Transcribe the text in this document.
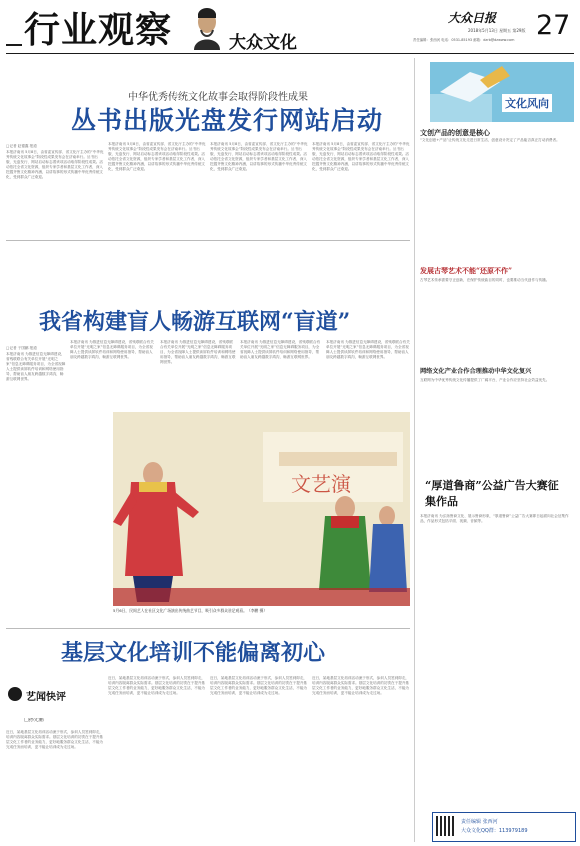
行业观察	大众文化
大众日报 27
2018年5月13日 星期五 第29版
责任编辑：张西河 电话：0531-85193 邮箱：dzrb@dzwww.com
中华优秀传统文化故事会取得阶段性成果
丛书出版光盘发行网站启动
□记者 赵德鑫 报道
本报济南讯 5月8日，由省委宣传部、省文化厅主办的“中华优秀传统文化故事会”阶段性成果发布会在济南举行。丛书出版、光盘发行、网站启动标志着该项活动取得阶段性成果。活动依托全省文化资源，组织专家学者和基层文化工作者，深入挖掘齐鲁文化精神内涵，以讲故事的形式传播中华优秀传统文化，受到群众广泛欢迎。
本报济南讯 5月8日，由省委宣传部、省文化厅主办的“中华优秀传统文化故事会”阶段性成果发布会在济南举行。丛书出版、光盘发行、网站启动标志着该项活动取得阶段性成果。活动依托全省文化资源，组织专家学者和基层文化工作者，深入挖掘齐鲁文化精神内涵，以讲故事的形式传播中华优秀传统文化，受到群众广泛欢迎。
本报济南讯 5月8日，由省委宣传部、省文化厅主办的“中华优秀传统文化故事会”阶段性成果发布会在济南举行。丛书出版、光盘发行、网站启动标志着该项活动取得阶段性成果。活动依托全省文化资源，组织专家学者和基层文化工作者，深入挖掘齐鲁文化精神内涵，以讲故事的形式传播中华优秀传统文化，受到群众广泛欢迎。
本报济南讯 5月8日，由省委宣传部、省文化厅主办的“中华优秀传统文化故事会”阶段性成果发布会在济南举行。丛书出版、光盘发行、网站启动标志着该项活动取得阶段性成果。活动依托全省文化资源，组织专家学者和基层文化工作者，深入挖掘齐鲁文化精神内涵，以讲故事的形式传播中华优秀传统文化，受到群众广泛欢迎。
我省构建盲人畅游互联网“盲道”
□记者 于国鹏 报道
本报济南讯 为推进信息无障碍建设，省残联联合有关单位开展“光明之家”信息无障碍服务项目，为全省视障人士提供读屏软件培训和网络使用指导，帮助盲人朋友跨越数字鸿沟，畅游互联网世界。
本报济南讯 为推进信息无障碍建设，省残联联合有关单位开展“光明之家”信息无障碍服务项目，为全省视障人士提供读屏软件培训和网络使用指导，帮助盲人朋友跨越数字鸿沟，畅游互联网世界。
本报济南讯 为推进信息无障碍建设，省残联联合有关单位开展“光明之家”信息无障碍服务项目，为全省视障人士提供读屏软件培训和网络使用指导，帮助盲人朋友跨越数字鸿沟，畅游互联网世界。
本报济南讯 为推进信息无障碍建设，省残联联合有关单位开展“光明之家”信息无障碍服务项目，为全省视障人士提供读屏软件培训和网络使用指导，帮助盲人朋友跨越数字鸿沟，畅游互联网世界。
本报济南讯 为推进信息无障碍建设，省残联联合有关单位开展“光明之家”信息无障碍服务项目，为全省视障人士提供读屏软件培训和网络使用指导，帮助盲人朋友跨越数字鸿沟，畅游互联网世界。
文艺演
5月6日，民间艺人在社区文化广场演出传统曲艺节目，吸引众多群众驻足观看。（李鹏 摄）
基层文化培训不能偏离初心
艺闻快评
□孙先鹏
近日，某地基层文化培训活动流于形式，参训人员签到即走，培训内容脱离群众实际需求。基层文化培训的初衷在于提升基层文化工作者的业务能力，更好地服务群众文化生活，不能为完成任务而培训，更不能让培训成为走过场。
近日，某地基层文化培训活动流于形式，参训人员签到即走，培训内容脱离群众实际需求。基层文化培训的初衷在于提升基层文化工作者的业务能力，更好地服务群众文化生活，不能为完成任务而培训，更不能让培训成为走过场。
近日，某地基层文化培训活动流于形式，参训人员签到即走，培训内容脱离群众实际需求。基层文化培训的初衷在于提升基层文化工作者的业务能力，更好地服务群众文化生活，不能为完成任务而培训，更不能让培训成为走过场。
近日，某地基层文化培训活动流于形式，参训人员签到即走，培训内容脱离群众实际需求。基层文化培训的初衷在于提升基层文化工作者的业务能力，更好地服务群众文化生活，不能为完成任务而培训，更不能让培训成为走过场。
文化风向
文创产品的创意是核心
“文化创意+产品”让传统文化走进日常生活，创意设计决定了产品能否真正打动消费者。
发展古琴艺术不能“还原不作”
古琴艺术传承需要守正创新，在保护传统曲目的同时，也要推动当代创作与传播。
网络文化产业合作合理推动中华文化复兴
互联网为中华优秀传统文化传播提供了广阔平台，产业合作应坚持社会效益优先。
“厚道鲁商”公益广告大赛征集作品
本报济南讯 为弘扬鲁商文化、展示鲁商形象，“厚道鲁商”公益广告大赛即日起面向社会征集作品，作品形式包括平面、视频、音频等。
责任编辑 张西河
大众文化QQ群：113979189
